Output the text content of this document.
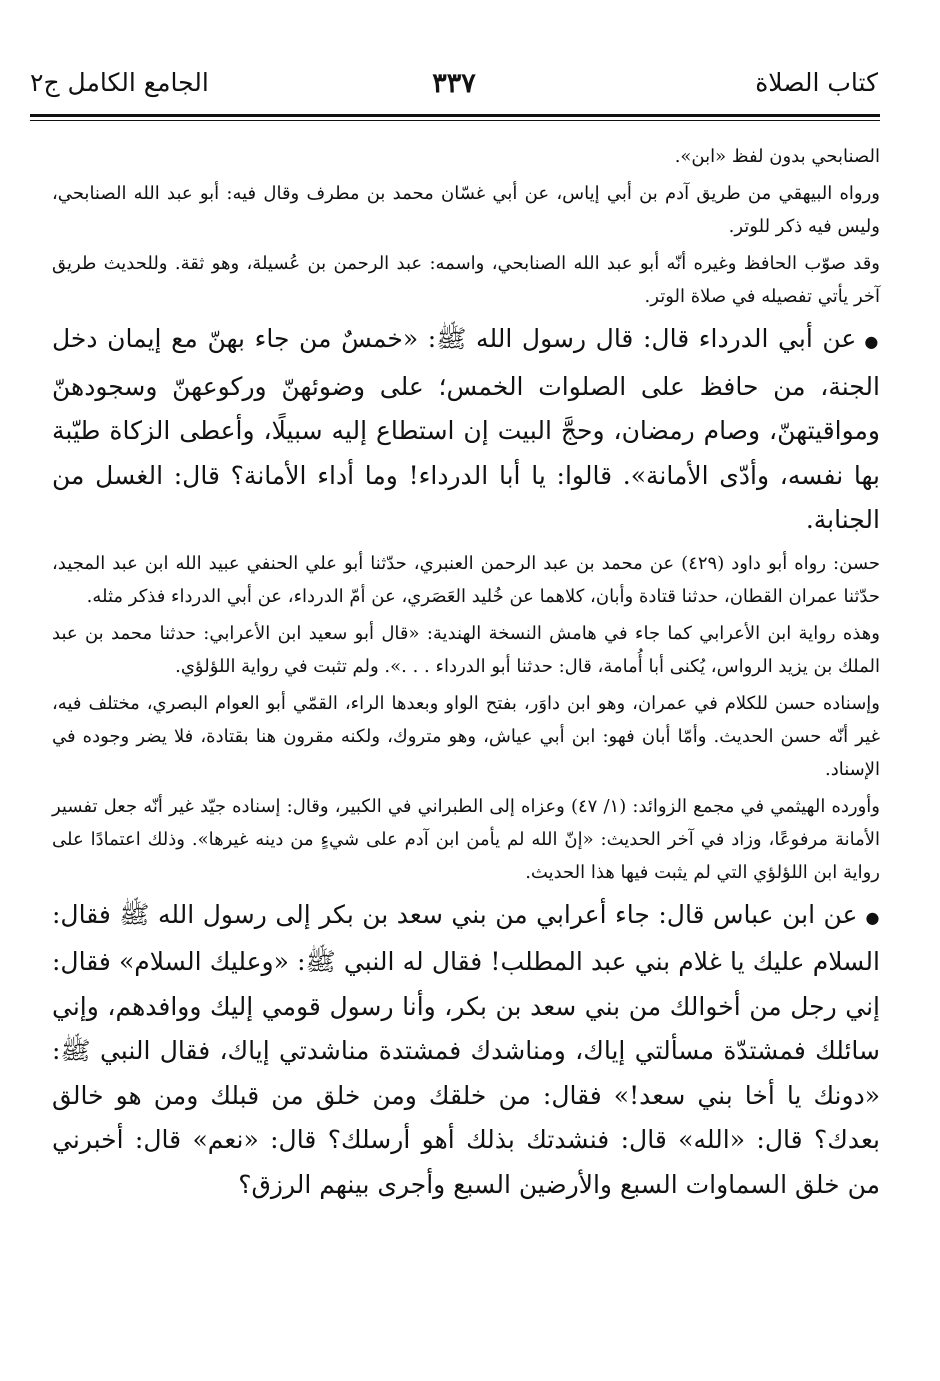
٣٣٧
الجامع الكامل ج٢	كتاب الصلاة

الصنابحي بدون لفظ «ابن».

ورواه البيهقي من طريق آدم بن أبي إياس، عن أبي غسّان محمد بن مطرف وقال فيه: أبو عبد الله الصنابحي، وليس فيه ذكر للوتر.

وقد صوّب الحافظ وغيره أنّه أبو عبد الله الصنابحي، واسمه: عبد الرحمن بن عُسيلة، وهو ثقة. وللحديث طريق آخر يأتي تفصيله في صلاة الوتر.

●عن أبي الدرداء قال: قال رسول الله ﷺ: «خمسٌ من جاء بهنّ مع إيمان دخل الجنة، من حافظ على الصلوات الخمس؛ على وضوئهنّ وركوعهنّ وسجودهنّ ومواقيتهنّ، وصام رمضان، وحجَّ البيت إن استطاع إليه سبيلًا، وأعطى الزكاة طيّبة بها نفسه، وأدّى الأمانة». قالوا: يا أبا الدرداء! وما أداء الأمانة؟ قال: الغسل من الجنابة.

حسن: رواه أبو داود (٤٢٩) عن محمد بن عبد الرحمن العنبري، حدّثنا أبو علي الحنفي عبيد الله ابن عبد المجيد، حدّثنا عمران القطان، حدثنا قتادة وأبان، كلاهما عن خُليد العَصَري، عن أمّ الدرداء، عن أبي الدرداء فذكر مثله.

وهذه رواية ابن الأعرابي كما جاء في هامش النسخة الهندية: «قال أبو سعيد ابن الأعرابي: حدثنا محمد بن عبد الملك بن يزيد الرواس، يُكنى أبا أُمامة، قال: حدثنا أبو الدرداء . . .». ولم تثبت في رواية اللؤلؤي.

وإسناده حسن للكلام في عمران، وهو ابن داوَر، بفتح الواو وبعدها الراء، القمّي أبو العوام البصري، مختلف فيه، غير أنّه حسن الحديث. وأمّا أبان فهو: ابن أبي عياش، وهو متروك، ولكنه مقرون هنا بقتادة، فلا يضر وجوده في الإسناد.

وأورده الهيثمي في مجمع الزوائد: (١/ ٤٧) وعزاه إلى الطبراني في الكبير، وقال: إسناده جيّد غير أنّه جعل تفسير الأمانة مرفوعًا، وزاد في آخر الحديث: «إنّ الله لم يأمن ابن آدم على شيءٍ من دينه غيرها». وذلك اعتمادًا على رواية ابن اللؤلؤي التي لم يثبت فيها هذا الحديث.

●عن ابن عباس قال: جاء أعرابي من بني سعد بن بكر إلى رسول الله ﷺ فقال: السلام عليك يا غلام بني عبد المطلب! فقال له النبي ﷺ: «وعليك السلام» فقال: إني رجل من أخوالك من بني سعد بن بكر، وأنا رسول قومي إليك ووافدهم، وإني سائلك فمشتدّة مسألتي إياك، ومناشدك فمشتدة مناشدتي إياك، فقال النبي ﷺ: «دونك يا أخا بني سعد!» فقال: من خلقك ومن خلق من قبلك ومن هو خالق بعدك؟ قال: «الله» قال: فنشدتك بذلك أهو أرسلك؟ قال: «نعم» قال: أخبرني من خلق السماوات السبع والأرضين السبع وأجرى بينهم الرزق؟
